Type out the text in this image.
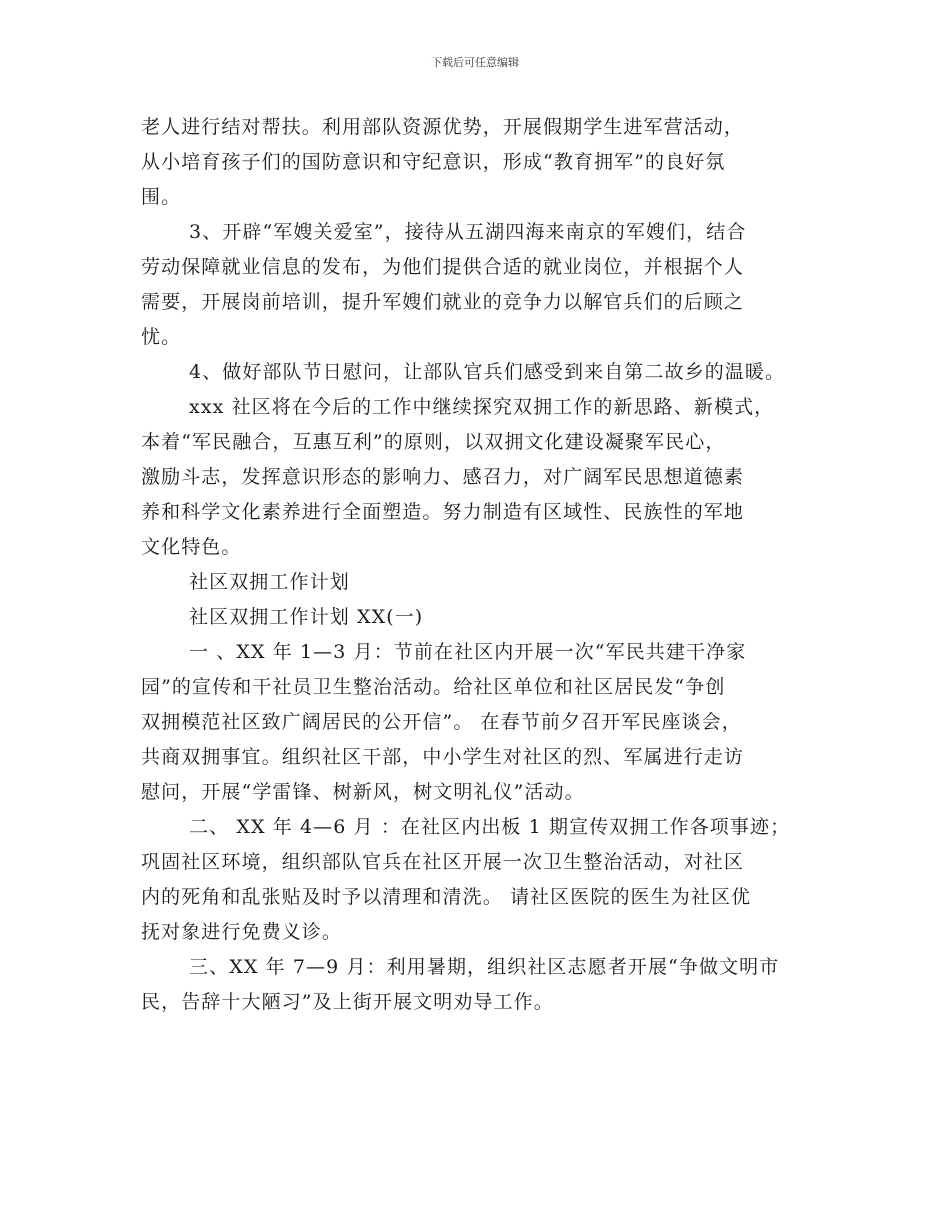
下载后可任意编辑
老人进行结对帮扶。利用部队资源优势，开展假期学生进军营活动，
从小培育孩子们的国防意识和守纪意识，形成“教育拥军”的良好氛
围。
3、开辟“军嫂关爱室”，接待从五湖四海来南京的军嫂们，结合
劳动保障就业信息的发布，为他们提供合适的就业岗位，并根据个人
需要，开展岗前培训，提升军嫂们就业的竞争力以解官兵们的后顾之
忧。
4、做好部队节日慰问，让部队官兵们感受到来自第二故乡的温暖。
xxx 社区将在今后的工作中继续探究双拥工作的新思路、新模式，
本着“军民融合，互惠互利”的原则，以双拥文化建设凝聚军民心，
激励斗志，发挥意识形态的影响力、感召力，对广阔军民思想道德素
养和科学文化素养进行全面塑造。努力制造有区域性、民族性的军地
文化特色。
社区双拥工作计划
社区双拥工作计划 XX(一)
一 、XX 年 1—3 月：节前在社区内开展一次“军民共建干净家
园”的宣传和干社员卫生整治活动。给社区单位和社区居民发“争创
双拥模范社区致广阔居民的公开信”。 在春节前夕召开军民座谈会，
共商双拥事宜。组织社区干部，中小学生对社区的烈、军属进行走访
慰问，开展“学雷锋、树新风，树文明礼仪”活动。
二、 XX 年 4—6 月 ：在社区内出板 1 期宣传双拥工作各项事迹；
巩固社区环境，组织部队官兵在社区开展一次卫生整治活动，对社区
内的死角和乱张贴及时予以清理和清洗。 请社区医院的医生为社区优
抚对象进行免费义诊。
三、XX 年 7—9 月：利用暑期，组织社区志愿者开展“争做文明市
民，告辞十大陋习”及上街开展文明劝导工作。
